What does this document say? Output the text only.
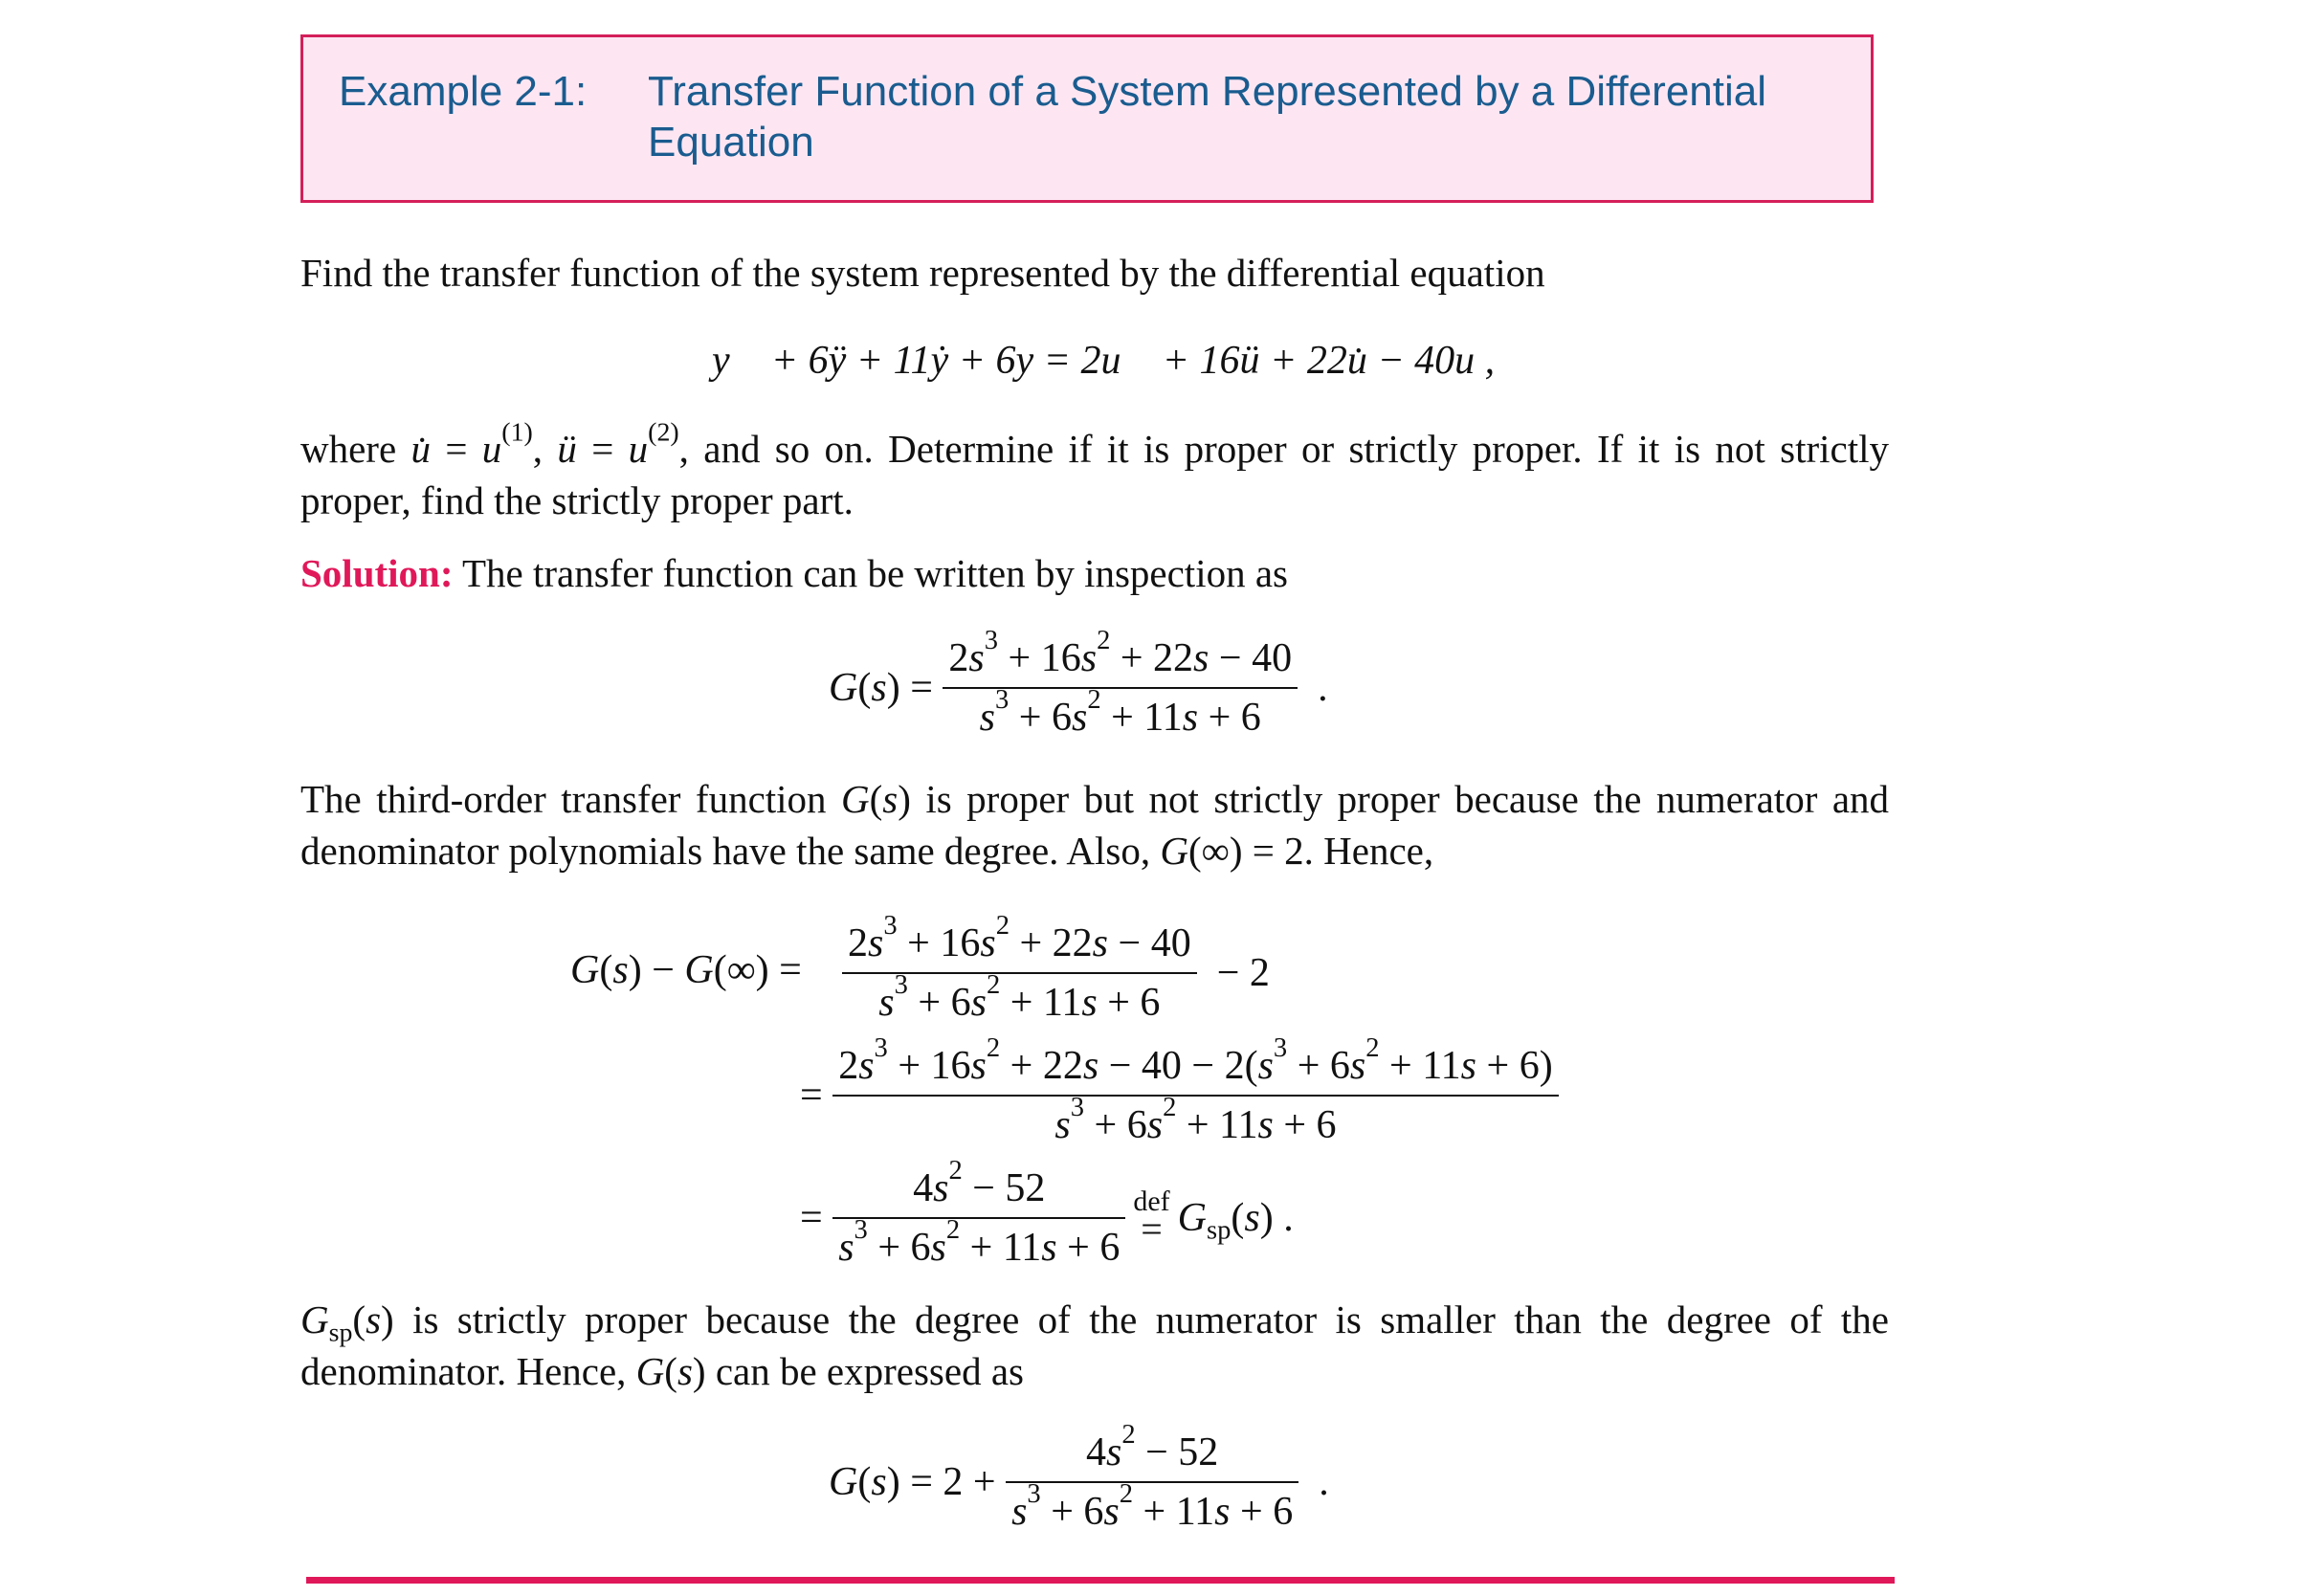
Example 2-1: Transfer Function of a System Represented by a Differential Equation
Find the transfer function of the system represented by the differential equation
y⃛ + 6ÿ + 11ẏ + 6y = 2u⃛ + 16ü + 22u̇ − 40u ,
where u̇ = $u^{(1)}$, ü = $u^{(2)}$, and so on. Determine if it is proper or strictly proper. If it is not strictly proper, find the strictly proper part.
Solution: The transfer function can be written by inspection as
$G(s) = \frac{2s^3 + 16s^2 + 22s - 40}{s^3 + 6s^2 + 11s + 6}$ .
The third-order transfer function G(s) is proper but not strictly proper because the numerator and denominator polynomials have the same degree. Also, G(∞) = 2. Hence,
$G(s) - G(\infty) = \frac{2s^3 + 16s^2 + 22s - 40}{s^3 + 6s^2 + 11s + 6} - 2$
= $\frac{2s^3 + 16s^2 + 22s - 40 - 2(s^3 + 6s^2 + 11s + 6)}{s^3 + 6s^2 + 11s + 6}$
= $\frac{4s^2 - 52}{s^3 + 6s^2 + 11s + 6}$ def
= $G_{sp}(s)$ .
$G_{sp}(s)$ is strictly proper because the degree of the numerator is smaller than the degree of the denominator. Hence, G(s) can be expressed as
$G(s) = 2 + \frac{4s^2 - 52}{s^3 + 6s^2 + 11s + 6}$ .
